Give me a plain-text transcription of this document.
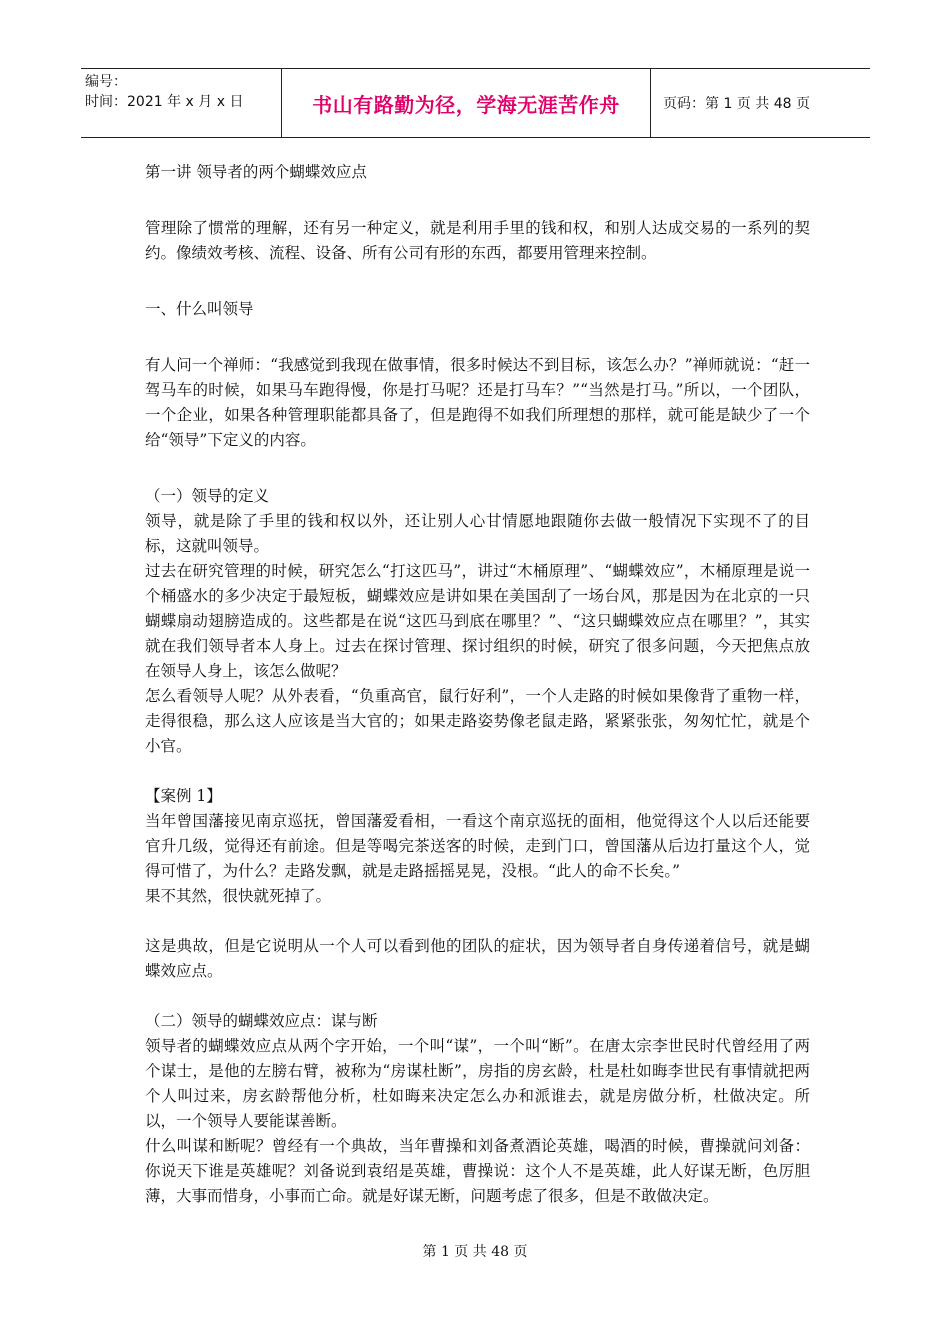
编号：
时间：2021 年 x 月 x 日	书山有路勤为径，学海无涯苦作舟	页码：第 1 页 共 48 页

第一讲 领导者的两个蝴蝶效应点

管理除了惯常的理解，还有另一种定义，就是利用手里的钱和权，和别人达成交易的一系列的契约。像绩效考核、流程、设备、所有公司有形的东西，都要用管理来控制。

一、什么叫领导

有人问一个禅师：“我感觉到我现在做事情，很多时候达不到目标，该怎么办？”禅师就说：“赶一驾马车的时候，如果马车跑得慢，你是打马呢？还是打马车？”“当然是打马。”所以，一个团队，一个企业，如果各种管理职能都具备了，但是跑得不如我们所理想的那样，就可能是缺少了一个给“领导”下定义的内容。

（一）领导的定义

领导，就是除了手里的钱和权以外，还让别人心甘情愿地跟随你去做一般情况下实现不了的目标，这就叫领导。

过去在研究管理的时候，研究怎么“打这匹马”，讲过“木桶原理”、“蝴蝶效应”，木桶原理是说一个桶盛水的多少决定于最短板，蝴蝶效应是讲如果在美国刮了一场台风，那是因为在北京的一只蝴蝶扇动翅膀造成的。这些都是在说“这匹马到底在哪里？”、“这只蝴蝶效应点在哪里？”，其实就在我们领导者本人身上。过去在探讨管理、探讨组织的时候，研究了很多问题，今天把焦点放在领导人身上，该怎么做呢？

怎么看领导人呢？从外表看，“负重高官，鼠行好利”，一个人走路的时候如果像背了重物一样，走得很稳，那么这人应该是当大官的；如果走路姿势像老鼠走路，紧紧张张，匆匆忙忙，就是个小官。

【案例 1】

当年曾国藩接见南京巡抚，曾国藩爱看相，一看这个南京巡抚的面相，他觉得这个人以后还能要官升几级，觉得还有前途。但是等喝完茶送客的时候，走到门口，曾国藩从后边打量这个人，觉得可惜了，为什么？走路发飘，就是走路摇摇晃晃，没根。“此人的命不长矣。”

果不其然，很快就死掉了。

这是典故，但是它说明从一个人可以看到他的团队的症状，因为领导者自身传递着信号，就是蝴蝶效应点。

（二）领导的蝴蝶效应点：谋与断

领导者的蝴蝶效应点从两个字开始，一个叫“谋”，一个叫“断”。在唐太宗李世民时代曾经用了两个谋士，是他的左膀右臂，被称为“房谋杜断”，房指的房玄龄，杜是杜如晦李世民有事情就把两个人叫过来，房玄龄帮他分析，杜如晦来决定怎么办和派谁去，就是房做分析，杜做决定。所以，一个领导人要能谋善断。

什么叫谋和断呢？曾经有一个典故，当年曹操和刘备煮酒论英雄，喝酒的时候，曹操就问刘备：你说天下谁是英雄呢？刘备说到袁绍是英雄，曹操说：这个人不是英雄，此人好谋无断，色厉胆薄，大事而惜身，小事而亡命。就是好谋无断，问题考虑了很多，但是不敢做决定。

第 1 页 共 48 页
